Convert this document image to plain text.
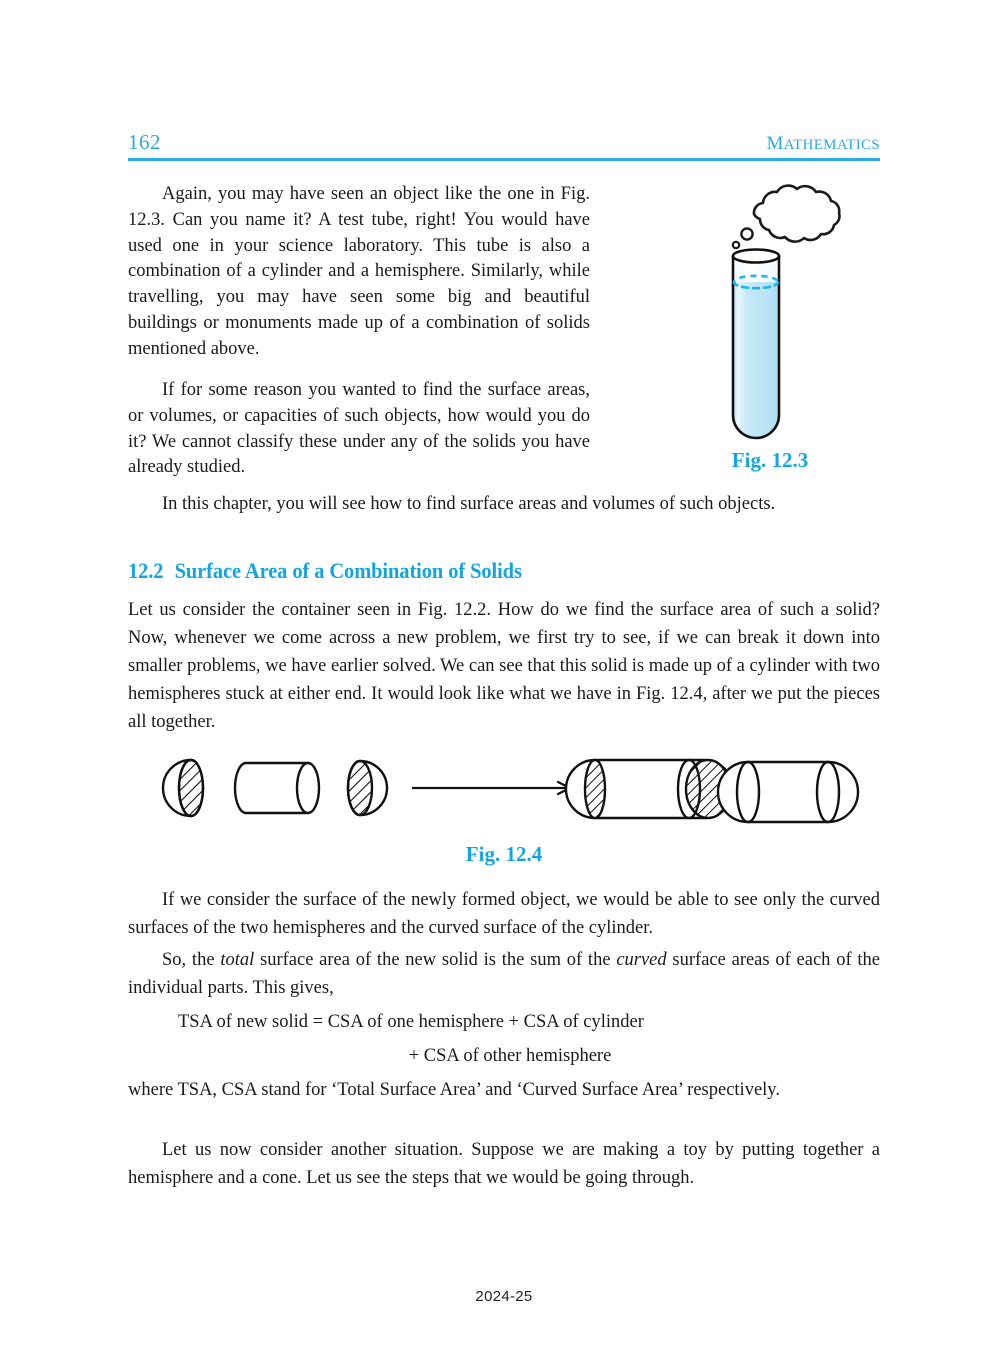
162	MATHEMATICS

Again, you may have seen an object like the one in Fig. 12.3. Can you name it? A test tube, right! You would have used one in your science laboratory. This tube is also a combination of a cylinder and a hemisphere. Similarly, while travelling, you may have seen some big and beautiful buildings or monuments made up of a combination of solids mentioned above.

If for some reason you wanted to find the surface areas, or volumes, or capacities of such objects, how would you do it? We cannot classify these under any of the solids you have already studied.	Fig. 12.3

In this chapter, you will see how to find surface areas and volumes of such objects.

12.2 Surface Area of a Combination of Solids

Let us consider the container seen in Fig. 12.2. How do we find the surface area of such a solid? Now, whenever we come across a new problem, we first try to see, if we can break it down into smaller problems, we have earlier solved. We can see that this solid is made up of a cylinder with two hemispheres stuck at either end. It would look like what we have in Fig. 12.4, after we put the pieces all together.

Fig. 12.4

If we consider the surface of the newly formed object, we would be able to see only the curved surfaces of the two hemispheres and the curved surface of the cylinder.

So, the total surface area of the new solid is the sum of the curved surface areas of each of the individual parts. This gives,

TSA of new solid = CSA of one hemisphere + CSA of cylinder
+ CSA of other hemisphere

where TSA, CSA stand for ‘Total Surface Area’ and ‘Curved Surface Area’ respectively.

Let us now consider another situation. Suppose we are making a toy by putting together a hemisphere and a cone. Let us see the steps that we would be going through.

2024-25
